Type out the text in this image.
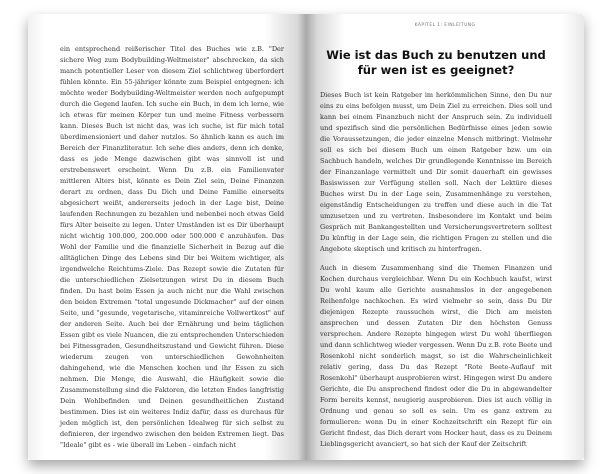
ein entsprechend reißerischer Titel des Buches wie z.B. "Der sichere Weg zum Bodybuilding-Weltmeister" abschrecken, da sich manch potentieller Leser von diesem Ziel schlichtweg überfordert fühlen könnte. Ein 55-jähriger könnte zum Beispiel entgegnen: ich möchte weder Bodybuilding-Weltmeister werden noch aufgepumpt durch die Gegend laufen. Ich suche ein Buch, in dem ich lerne, wie ich etwas für meinen Körper tun und meine Fitness verbessern kann. Dieses Buch ist nicht das, was ich suche, ist für mich total überdimensioniert und daher nutzlos. So ähnlich kann es auch im Bereich der Finanzliteratur. Ich sehe dies anders, denn ich denke, dass es jede Menge dazwischen gibt was sinnvoll ist und erstrebenswert erscheint. Wenn Du z.B. ein Familienvater mittleren Alters bist, könnte es Dein Ziel sein, Deine Finanzen derart zu ordnen, dass Du Dich und Deine Familie einerseits abgesichert weißt, andererseits jedoch in der Lage bist, Deine laufenden Rechnungen zu bezahlen und nebenbei noch etwas Geld fürs Alter beiseite zu legen. Unter Umständen ist es Dir überhaupt nicht wichtig 100.000, 200.000 oder 500.000 € anzuhäufen. Das Wohl der Familie und die finanzielle Sicherheit in Bezug auf die alltäglichen Dinge des Lebens sind Dir bei Weitem wichtiger, als irgendwelche Reichtums-Ziele. Das Rezept sowie die Zutaten für die unterschiedlichen Zielsetzungen wirst Du in diesem Buch finden. Du hast beim Essen ja auch nicht nur die Wahl zwischen den beiden Extremen "total ungesunde Dickmacher" auf der einen Seite, und "gesunde, vegetarische, vitaminreiche Vollwertkost" auf der anderen Seite. Auch bei der Ernährung und beim täglichen Essen gibt es viele Nuancen, die zu entsprechenden Unterschieden bei Fitnessgraden, Gesundheitszustand und Gewicht führen. Diese wiederum zeugen von unterschiedlichen Gewohnheiten dahingehend, wie die Menschen kochen und ihr Essen zu sich nehmen. Die Menge, die Auswahl, die Häufigkeit sowie die Zusammenstellung sind die Faktoren, die letzten Endes langfristig Dein Wohlbefinden und Deinen gesundheitlichen Zustand bestimmen. Dies ist ein weiteres Indiz dafür, dass es durchaus für jeden möglich ist, den persönlichen Idealweg für sich selbst zu definieren, der irgendwo zwischen den beiden Extremen liegt. Das "Ideale" gibt es - wie überall im Leben - einfach nicht

KAPITEL 1: EINLEITUNG
Wie ist das Buch zu benutzen und für wen ist es geeignet?

Dieses Buch ist kein Ratgeber im herkömmlichen Sinne, den Du nur eins zu eins befolgen musst, um Dein Ziel zu erreichen. Dies soll und kann bei einem Finanzbuch nicht der Anspruch sein. Zu individuell und spezifisch sind die persönlichen Bedürfnisse eines jeden sowie die Voraussetzungen, die jeder einzelne Mensch mitbringt. Vielmehr soll es sich bei diesem Buch um einen Ratgeber bzw. um ein Sachbuch handeln, welches Dir grundlegende Kenntnisse im Bereich der Finanzanlage vermittelt und Dir somit dauerhaft ein gewisses Basiswissen zur Verfügung stellen soll. Nach der Lektüre dieses Buches wirst Du in der Lage sein, Zusammenhänge zu verstehen, eigenständig Entscheidungen zu treffen und diese auch in die Tat umzusetzen und zu vertreten. Insbesondere im Kontakt und beim Gespräch mit Bankangestellten und Versicherungsvertretern solltest Du künftig in der Lage sein, die richtigen Fragen zu stellen und die Angebote skeptisch und kritisch zu hinterfragen.

Auch in diesem Zusammenhang sind die Themen Finanzen und Kochen durchaus vergleichbar. Wenn Du ein Kochbuch kaufst, wirst Du wohl kaum alle Gerichte ausnahmslos in der angegebenen Reihenfolge nachkochen. Es wird vielmehr so sein, dass Du Dir diejenigen Rezepte raussuchen wirst, die Dich am meisten ansprechen und dessen Zutaten Dir den höchsten Genuss versprechen. Andere Rezepte hingegen wirst Du wohl überfliegen und dann schlichtweg wieder vergessen. Wenn Du z.B. rote Beete und Rosenkohl nicht sonderlich magst, so ist die Wahrscheinlichkeit relativ gering, dass Du das Rezept "Rote Beete-Auflauf mit Rosenkohl" überhaupt ausprobieren wirst. Hingegen wirst Du andere Gerichte, die Du ansprechend findest oder die Du in abgewandelter Form bereits kennst, neugierig ausprobieren. Dies ist auch völlig in Ordnung und genau so soll es sein. Um es ganz extrem zu formulieren: wenn Du in einer Kochzeitschrift ein Rezept für ein Gericht findest, das Dich derart vom Hocker haut, dass es zu Deinem Lieblingsgericht avanciert, so hat sich der Kauf der Zeitschrift
